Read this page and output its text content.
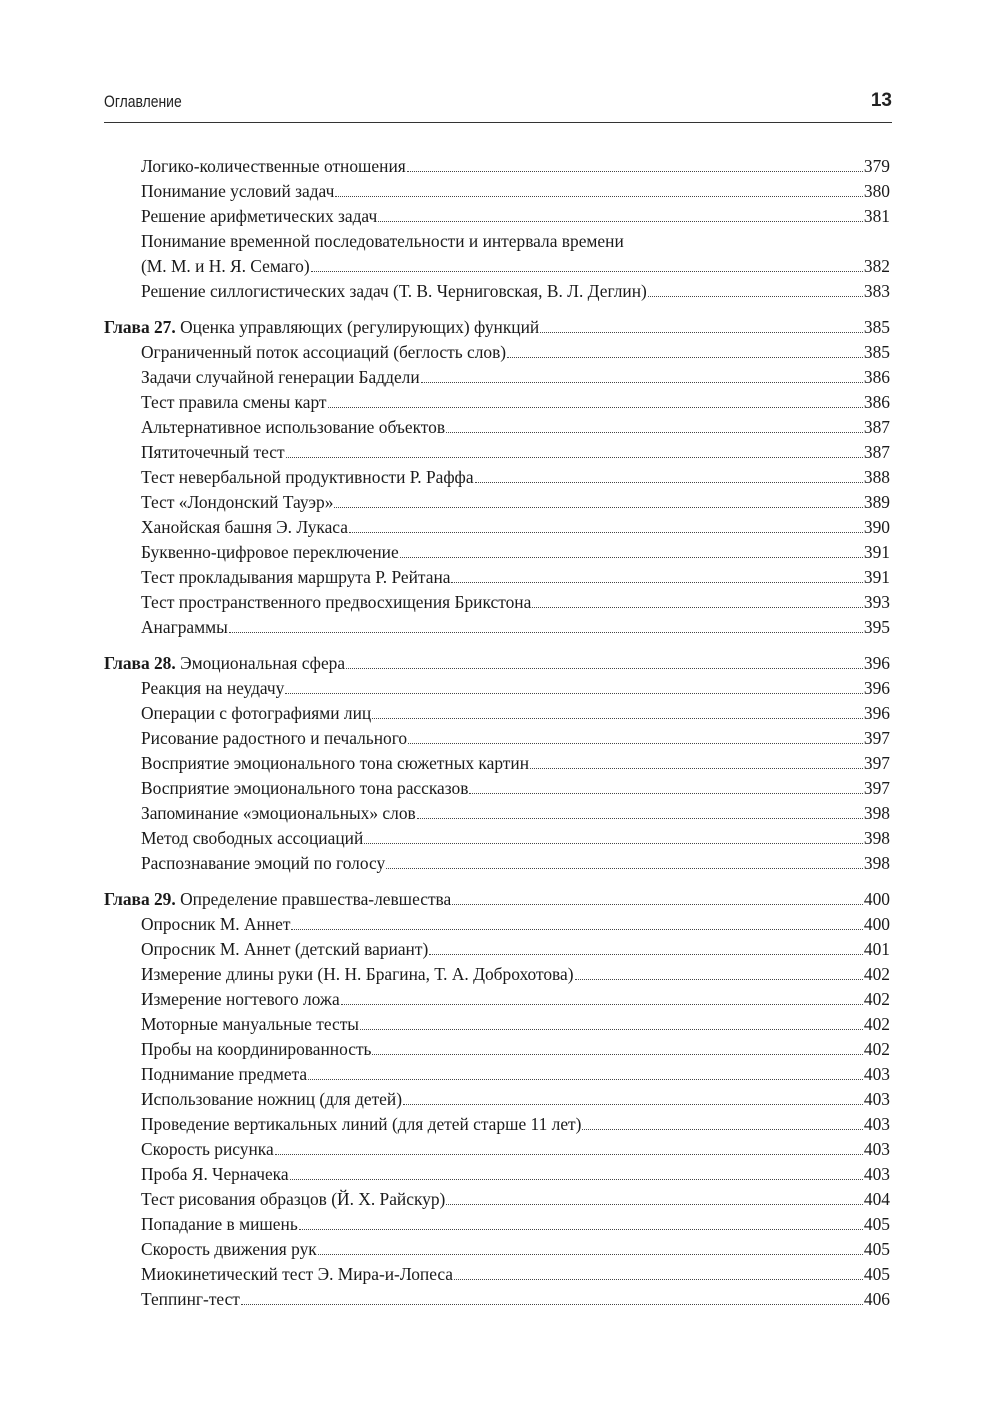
Оглавление	13
Логико-количественные отношения	379
Понимание условий задач	380
Решение арифметических задач	381
Понимание временной последовательности и интервала времени
(М. М. и Н. Я. Семаго)	382
Решение силлогистических задач (Т. В. Черниговская, В. Л. Деглин)	383
Глава 27. Оценка управляющих (регулирующих) функций	385
Ограниченный поток ассоциаций (беглость слов)	385
Задачи случайной генерации Баддели	386
Тест правила смены карт	386
Альтернативное использование объектов	387
Пятиточечный тест	387
Тест невербальной продуктивности Р. Раффа	388
Тест «Лондонский Тауэр»	389
Ханойская башня Э. Лукаса	390
Буквенно-цифровое переключение	391
Тест прокладывания маршрута Р. Рейтана	391
Тест пространственного предвосхищения Брикстона	393
Анаграммы	395
Глава 28. Эмоциональная сфера	396
Реакция на неудачу	396
Операции с фотографиями лиц	396
Рисование радостного и печального	397
Восприятие эмоционального тона сюжетных картин	397
Восприятие эмоционального тона рассказов	397
Запоминание «эмоциональных» слов	398
Метод свободных ассоциаций	398
Распознавание эмоций по голосу	398
Глава 29. Определение правшества-левшества	400
Опросник М. Аннет	400
Опросник М. Аннет (детский вариант)	401
Измерение длины руки (Н. Н. Брагина, Т. А. Доброхотова)	402
Измерение ногтевого ложа	402
Моторные мануальные тесты	402
Пробы на координированность	402
Поднимание предмета	403
Использование ножниц (для детей)	403
Проведение вертикальных линий (для детей старше 11 лет)	403
Скорость рисунка	403
Проба Я. Черначека	403
Тест рисования образцов (Й. Х. Райскур)	404
Попадание в мишень	405
Скорость движения рук	405
Миокинетический тест Э. Мира-и-Лопеса	405
Теппинг-тест	406
